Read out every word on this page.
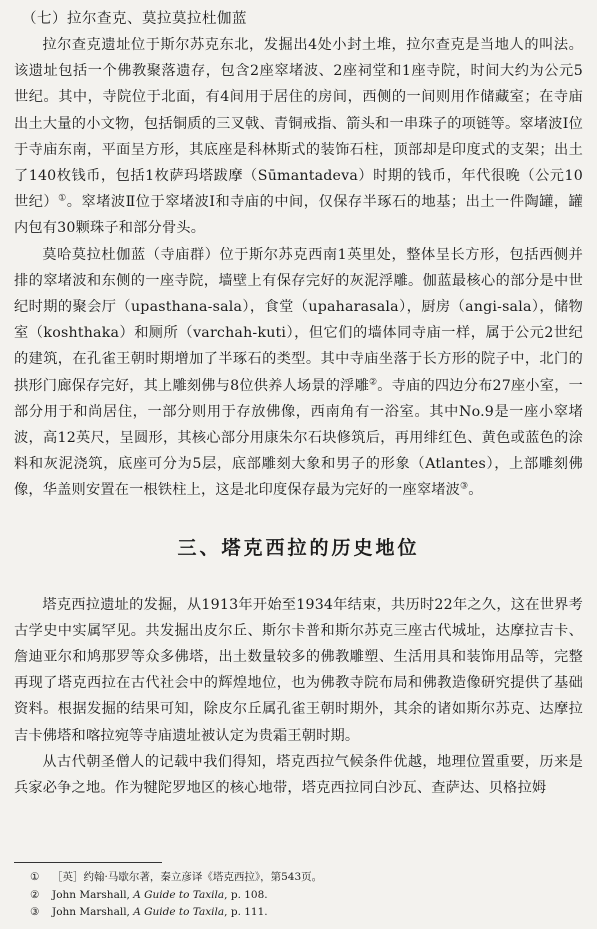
（七）拉尔查克、莫拉莫拉杜伽蓝

拉尔查克遗址位于斯尔苏克东北，发掘出4处小封土堆，拉尔查克是当地人的叫法。该遗址包括一个佛教聚落遗存，包含2座窣堵波、2座祠堂和1座寺院，时间大约为公元5世纪。其中，寺院位于北面，有4间用于居住的房间，西侧的一间则用作储藏室；在寺庙出土大量的小文物，包括铜质的三叉戟、青铜戒指、箭头和一串珠子的项链等。窣堵波Ⅰ位于寺庙东南，平面呈方形，其底座是科林斯式的装饰石柱，顶部却是印度式的支架；出土了140枚钱币，包括1枚萨玛塔跋摩（Sūmantadeva）时期的钱币，年代很晚（公元10世纪）①。窣堵波Ⅱ位于窣堵波Ⅰ和寺庙的中间，仅保存半琢石的地基；出土一件陶罐，罐内包有30颗珠子和部分骨头。

莫哈莫拉杜伽蓝（寺庙群）位于斯尔苏克西南1英里处，整体呈长方形，包括西侧并排的窣堵波和东侧的一座寺院，墙壁上有保存完好的灰泥浮雕。伽蓝最核心的部分是中世纪时期的聚会厅（upasthana-sala），食堂（upaharasala），厨房（angi-sala），储物室（koshthaka）和厕所（varchah-kuti），但它们的墙体同寺庙一样，属于公元2世纪的建筑，在孔雀王朝时期增加了半琢石的类型。其中寺庙坐落于长方形的院子中，北门的拱形门廊保存完好，其上雕刻佛与8位供养人场景的浮雕②。寺庙的四边分布27座小室，一部分用于和尚居住，一部分则用于存放佛像，西南角有一浴室。其中No.9是一座小窣堵波，高12英尺，呈圆形，其核心部分用康朱尔石块修筑后，再用绯红色、黄色或蓝色的涂料和灰泥浇筑，底座可分为5层，底部雕刻大象和男子的形象（Atlantes），上部雕刻佛像，华盖则安置在一根铁柱上，这是北印度保存最为完好的一座窣堵波③。

三、塔克西拉的历史地位

塔克西拉遗址的发掘，从1913年开始至1934年结束，共历时22年之久，这在世界考古学史中实属罕见。共发掘出皮尔丘、斯尔卡普和斯尔苏克三座古代城址，达摩拉吉卡、詹迪亚尔和鸠那罗等众多佛塔，出土数量较多的佛教雕塑、生活用具和装饰用品等，完整再现了塔克西拉在古代社会中的辉煌地位，也为佛教寺院布局和佛教造像研究提供了基础资料。根据发掘的结果可知，除皮尔丘属孔雀王朝时期外，其余的诸如斯尔苏克、达摩拉吉卡佛塔和喀拉宛等寺庙遗址被认定为贵霜王朝时期。

从古代朝圣僧人的记载中我们得知，塔克西拉气候条件优越，地理位置重要，历来是兵家必争之地。作为犍陀罗地区的核心地带，塔克西拉同白沙瓦、查萨达、贝格拉姆

①	［英］约翰·马歇尔著，秦立彦译《塔克西拉》，第543页。
②	John Marshall, A Guide to Taxila, p. 108.
③	John Marshall, A Guide to Taxila, p. 111.
